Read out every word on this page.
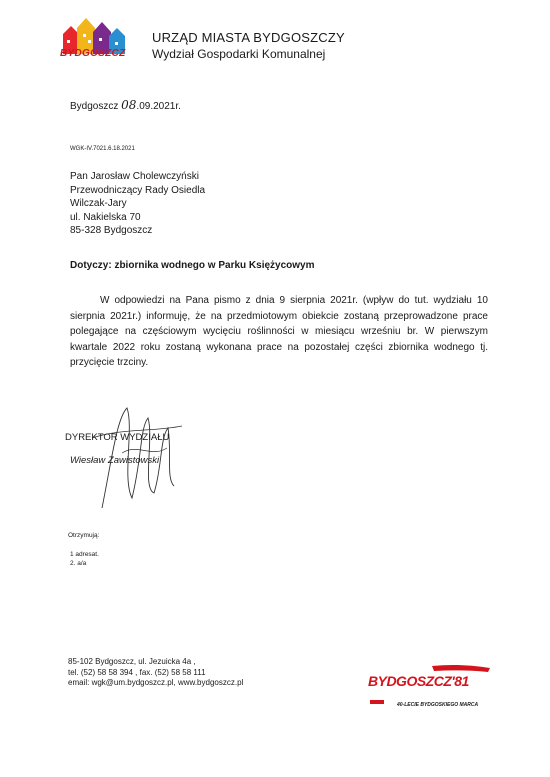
BYDGOSZCZ
URZĄD MIASTA BYDGOSZCZY
Wydział Gospodarki Komunalnej
Bydgoszcz 08.09.2021r.
WGK-IV.7021.6.18.2021
Pan Jarosław Cholewczyński
Przewodniczący Rady Osiedla
Wilczak-Jary
ul. Nakielska 70
85-328 Bydgoszcz
Dotyczy: zbiornika wodnego w Parku Księżycowym
W odpowiedzi na Pana pismo z dnia 9 sierpnia 2021r. (wpływ do tut. wydziału 10 sierpnia 2021r.) informuję, że na przedmiotowym obiekcie zostaną przeprowadzone prace polegające na częściowym wycięciu roślinności w miesiącu wrześniu br. W pierwszym kwartale 2022 roku zostaną wykonana prace na pozostałej części zbiornika wodnego tj. przycięcie trzciny.
DYREKTOR WYDZIAŁU
Wiesław Zawistowski
Otrzymują:
1 adresat.
2. a/a
85-102 Bydgoszcz, ul. Jezuicka 4a ,
tel. (52) 58 58 394 , fax. (52) 58 58 111
email: wgk@um.bydgoszcz.pl, www.bydgoszcz.pl	BYDGOSZCZ'81
40-LECIE BYDGOSKIEGO MARCA
